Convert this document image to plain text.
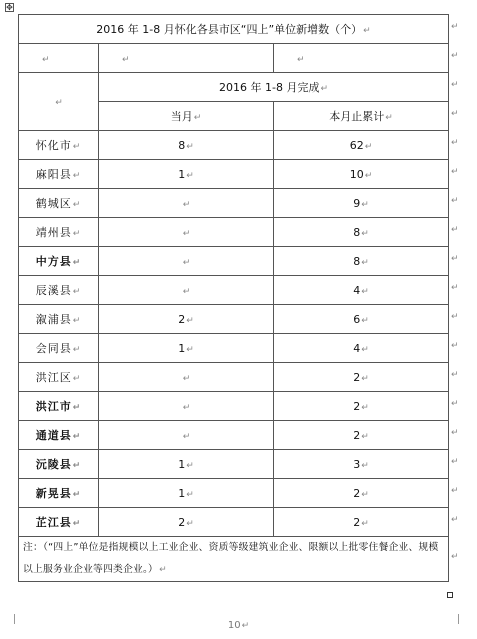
✥
2016 年 1-8 月怀化各县市区“四上”单位新增数（个）↵		
↵	↵	↵
↵	2016 年 1-8 月完成↵	
	当月↵	本月止累计↵
怀化市↵	8↵	62↵
麻阳县↵	1↵	10↵
鹤城区↵	↵	9↵
靖州县↵	↵	8↵
中方县↵	↵	8↵
辰溪县↵	↵	4↵
溆浦县↵	2↵	6↵
会同县↵	1↵	4↵
洪江区↵	↵	2↵
洪江市↵	↵	2↵
通道县↵	↵	2↵
沅陵县↵	1↵	3↵
新晃县↵	1↵	2↵
芷江县↵	2↵	2↵
注：（“四上”单位是指规模以上工业企业、资质等级建筑业企业、限额以上批零住餐企业、规模以上服务业企业等四类企业。）↵		
10↵
↵
↵
↵
↵
↵
↵
↵
↵
↵
↵
↵
↵
↵
↵
↵
↵
↵
↵
↵
